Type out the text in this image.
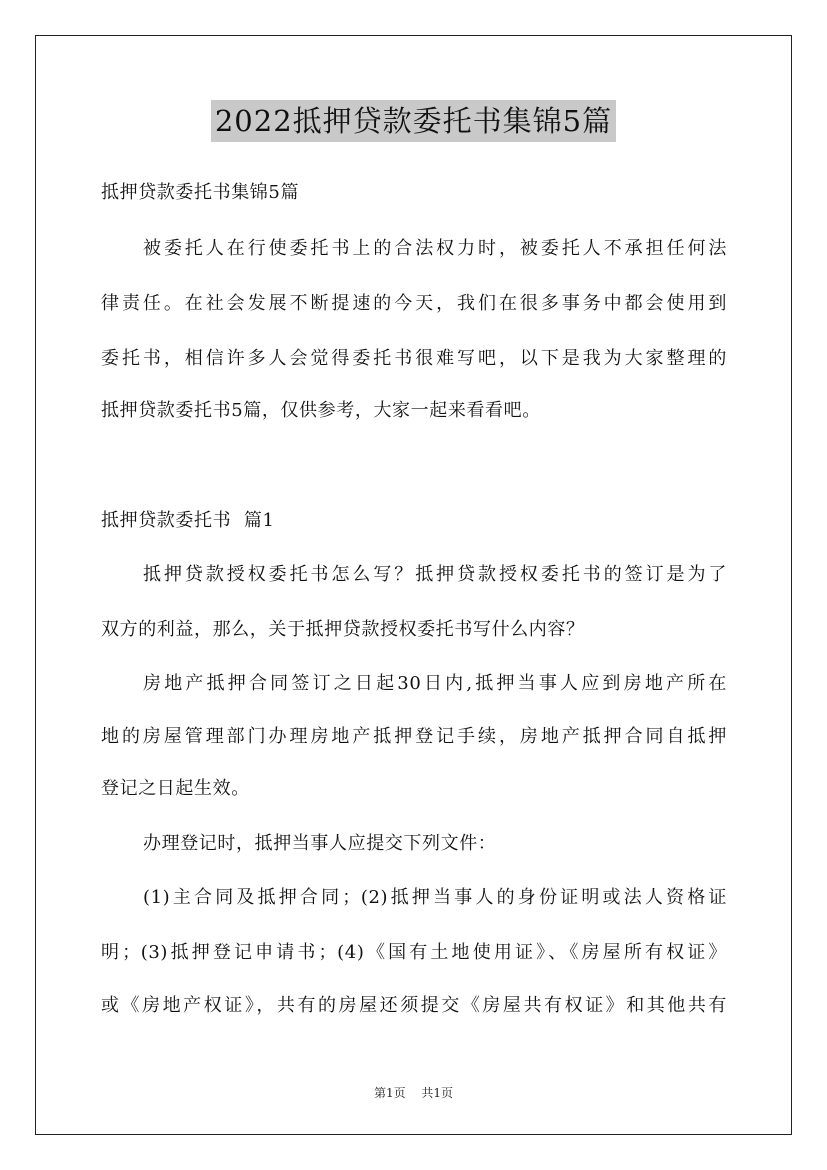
2022抵押贷款委托书集锦5篇
抵押贷款委托书集锦5篇
被委托人在行使委托书上的合法权力时，被委托人不承担任何法
律责任。在社会发展不断提速的今天，我们在很多事务中都会使用到
委托书，相信许多人会觉得委托书很难写吧，以下是我为大家整理的
抵押贷款委托书5篇，仅供参考，大家一起来看看吧。
抵押贷款委托书  篇1
抵押贷款授权委托书怎么写？抵押贷款授权委托书的签订是为了
双方的利益，那么，关于抵押贷款授权委托书写什么内容？
房地产抵押合同签订之日起30日内,抵押当事人应到房地产所在
地的房屋管理部门办理房地产抵押登记手续，房地产抵押合同自抵押
登记之日起生效。
办理登记时，抵押当事人应提交下列文件：
(1)主合同及抵押合同；(2)抵押当事人的身份证明或法人资格证
明；(3)抵押登记申请书；(4)《国有土地使用证》、《房屋所有权证》
或《房地产权证》，共有的房屋还须提交《房屋共有权证》和其他共有
第1页 共1页
